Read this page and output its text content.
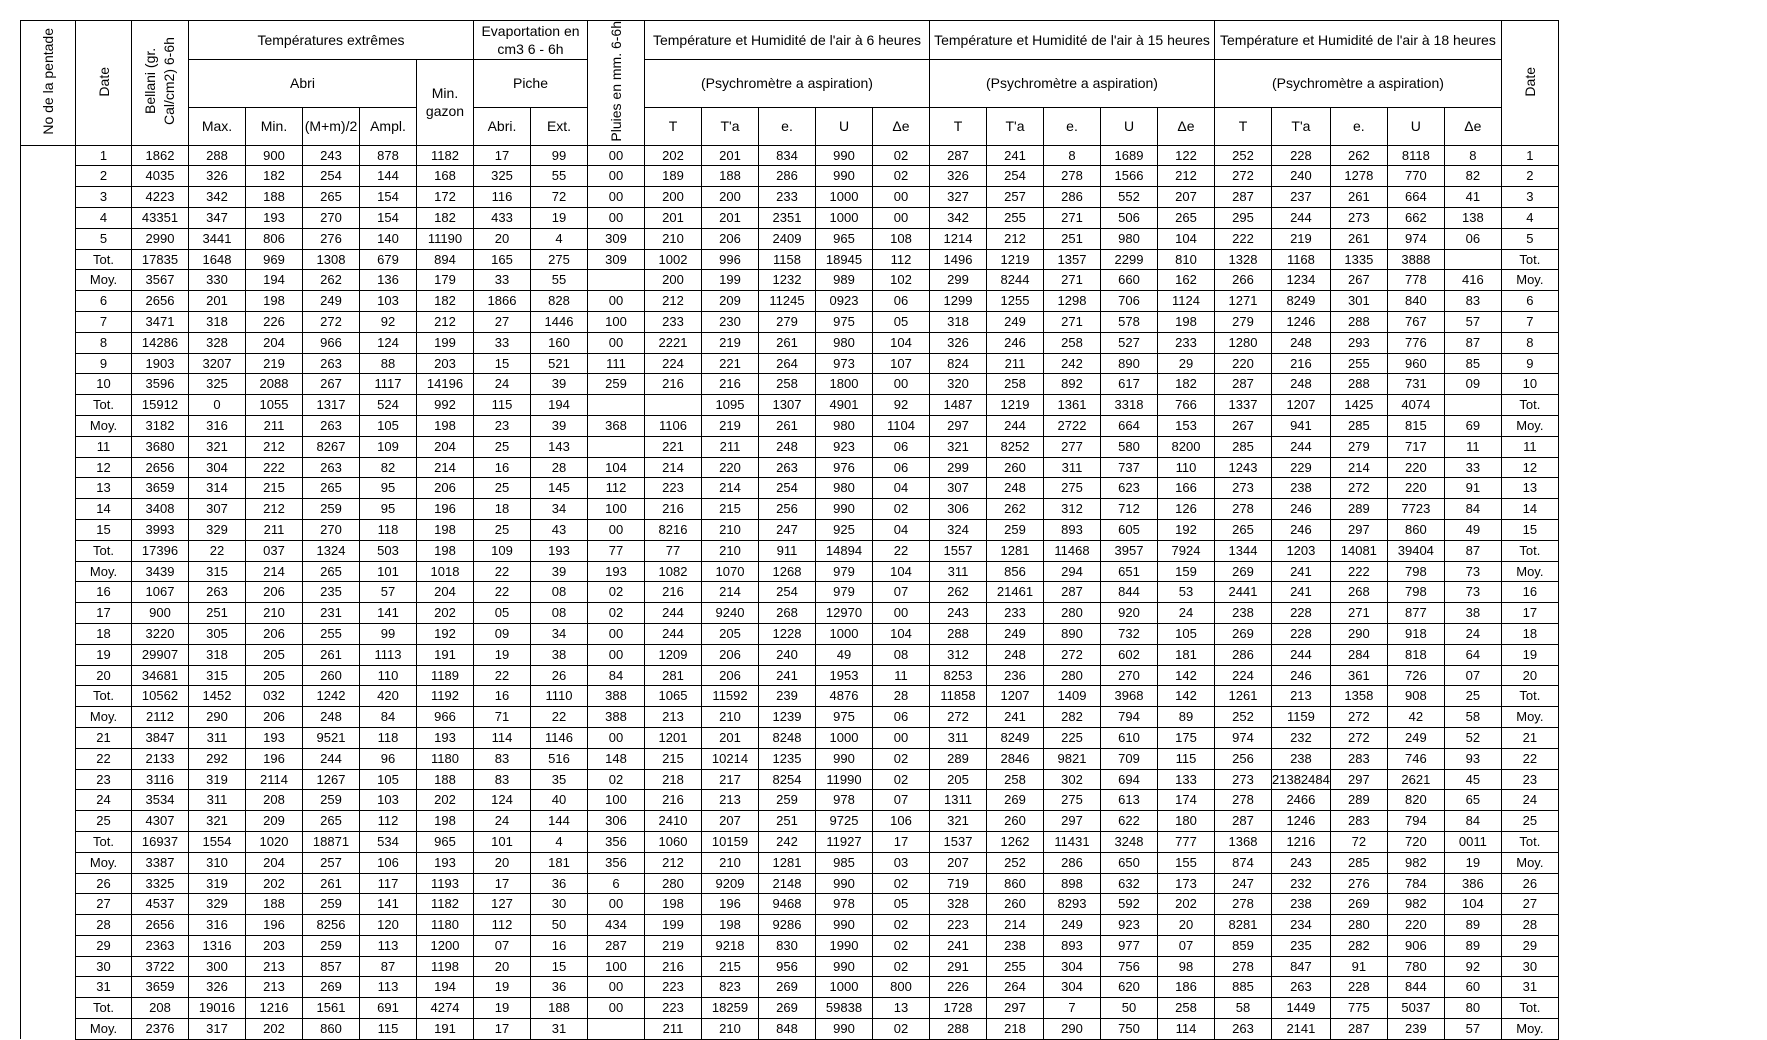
No de la pentade	Date	Bellani (gr. Cal/cm2) 6-6h	Températures extrêmes					Evaportation en cm3 6 - 6h		Pluies en mm. 6-6h	Température et Humidité de l'air à 6 heures					Température et Humidité de l'air à 15 heures					Température et Humidité de l'air à 18 heures					Date
			Abri				Min. gazon	Piche			(Psychromètre a aspiration)					(Psychromètre a aspiration)					(Psychromètre a aspiration)					
			Max.	Min.	(M+m)/2	Ampl.		Abri.	Ext.		T	T'a	e.	U	Δe	T	T'a	e.	U	Δe	T	T'a	e.	U	Δe	
	1	1862	288	900	243	878	1182	17	99	00	202	201	834	990	02	287	241	8	1689	122	252	228	262	8118	8	1
	2	4035	326	182	254	144	168	325	55	00	189	188	286	990	02	326	254	278	1566	212	272	240	1278	770	82	2
	3	4223	342	188	265	154	172	116	72	00	200	200	233	1000	00	327	257	286	552	207	287	237	261	664	41	3
	4	43351	347	193	270	154	182	433	19	00	201	201	2351	1000	00	342	255	271	506	265	295	244	273	662	138	4
	5	2990	3441	806	276	140	11190	20	4	309	210	206	2409	965	108	1214	212	251	980	104	222	219	261	974	06	5
	Tot.	17835	1648	969	1308	679	894	165	275	309	1002	996	1158	18945	112	1496	1219	1357	2299	810	1328	1168	1335	3888		Tot.
	Moy.	3567	330	194	262	136	179	33	55		200	199	1232	989	102	299	8244	271	660	162	266	1234	267	778	416	Moy.
	6	2656	201	198	249	103	182	1866	828	00	212	209	11245	0923	06	1299	1255	1298	706	1124	1271	8249	301	840	83	6
	7	3471	318	226	272	92	212	27	1446	100	233	230	279	975	05	318	249	271	578	198	279	1246	288	767	57	7
	8	14286	328	204	966	124	199	33	160	00	2221	219	261	980	104	326	246	258	527	233	1280	248	293	776	87	8
	9	1903	3207	219	263	88	203	15	521	111	224	221	264	973	107	824	211	242	890	29	220	216	255	960	85	9
	10	3596	325	2088	267	1117	14196	24	39	259	216	216	258	1800	00	320	258	892	617	182	287	248	288	731	09	10
	Tot.	15912	0	1055	1317	524	992	115	194			1095	1307	4901	92	1487	1219	1361	3318	766	1337	1207	1425	4074		Tot.
	Moy.	3182	316	211	263	105	198	23	39	368	1106	219	261	980	1104	297	244	2722	664	153	267	941	285	815	69	Moy.
	11	3680	321	212	8267	109	204	25	143		221	211	248	923	06	321	8252	277	580	8200	285	244	279	717	11	11
	12	2656	304	222	263	82	214	16	28	104	214	220	263	976	06	299	260	311	737	110	1243	229	214	220	33	12
	13	3659	314	215	265	95	206	25	145	112	223	214	254	980	04	307	248	275	623	166	273	238	272	220	91	13
	14	3408	307	212	259	95	196	18	34	100	216	215	256	990	02	306	262	312	712	126	278	246	289	7723	84	14
	15	3993	329	211	270	118	198	25	43	00	8216	210	247	925	04	324	259	893	605	192	265	246	297	860	49	15
	Tot.	17396	22	037	1324	503	198	109	193	77	77	210	911	14894	22	1557	1281	11468	3957	7924	1344	1203	14081	39404	87	Tot.
	Moy.	3439	315	214	265	101	1018	22	39	193	1082	1070	1268	979	104	311	856	294	651	159	269	241	222	798	73	Moy.
	16	1067	263	206	235	57	204	22	08	02	216	214	254	979	07	262	21461	287	844	53	2441	241	268	798	73	16
	17	900	251	210	231	141	202	05	08	02	244	9240	268	12970	00	243	233	280	920	24	238	228	271	877	38	17
	18	3220	305	206	255	99	192	09	34	00	244	205	1228	1000	104	288	249	890	732	105	269	228	290	918	24	18
	19	29907	318	205	261	1113	191	19	38	00	1209	206	240	49	08	312	248	272	602	181	286	244	284	818	64	19
	20	34681	315	205	260	110	1189	22	26	84	281	206	241	1953	11	8253	236	280	270	142	224	246	361	726	07	20
	Tot.	10562	1452	032	1242	420	1192	16	1110	388	1065	11592	239	4876	28	11858	1207	1409	3968	142	1261	213	1358	908	25	Tot.
	Moy.	2112	290	206	248	84	966	71	22	388	213	210	1239	975	06	272	241	282	794	89	252	1159	272	42	58	Moy.
	21	3847	311	193	9521	118	193	114	1146	00	1201	201	8248	1000	00	311	8249	225	610	175	974	232	272	249	52	21
	22	2133	292	196	244	96	1180	83	516	148	215	10214	1235	990	02	289	2846	9821	709	115	256	238	283	746	93	22
	23	3116	319	2114	1267	105	188	83	35	02	218	217	8254	11990	02	205	258	302	694	133	273	21382484	297	2621	45	23
	24	3534	311	208	259	103	202	124	40	100	216	213	259	978	07	1311	269	275	613	174	278	2466	289	820	65	24
	25	4307	321	209	265	112	198	24	144	306	2410	207	251	9725	106	321	260	297	622	180	287	1246	283	794	84	25
	Tot.	16937	1554	1020	18871	534	965	101	4	356	1060	10159	242	11927	17	1537	1262	11431	3248	777	1368	1216	72	720	0011	Tot.
	Moy.	3387	310	204	257	106	193	20	181	356	212	210	1281	985	03	207	252	286	650	155	874	243	285	982	19	Moy.
	26	3325	319	202	261	117	1193	17	36	6	280	9209	2148	990	02	719	860	898	632	173	247	232	276	784	386	26
	27	4537	329	188	259	141	1182	127	30	00	198	196	9468	978	05	328	260	8293	592	202	278	238	269	982	104	27
	28	2656	316	196	8256	120	1180	112	50	434	199	198	9286	990	02	223	214	249	923	20	8281	234	280	220	89	28
	29	2363	1316	203	259	113	1200	07	16	287	219	9218	830	1990	02	241	238	893	977	07	859	235	282	906	89	29
	30	3722	300	213	857	87	1198	20	15	100	216	215	956	990	02	291	255	304	756	98	278	847	91	780	92	30
	31	3659	326	213	269	113	194	19	36	00	223	823	269	1000	800	226	264	304	620	186	885	263	228	844	60	31
	Tot.	208	19016	1216	1561	691	4274	19	188	00	223	18259	269	59838	13	1728	297	7	50	258	58	1449	775	5037	80	Tot.
	Moy.	2376	317	202	860	115	191	17	31		211	210	848	990	02	288	218	290	750	114	263	2141	287	239	57	Moy.
